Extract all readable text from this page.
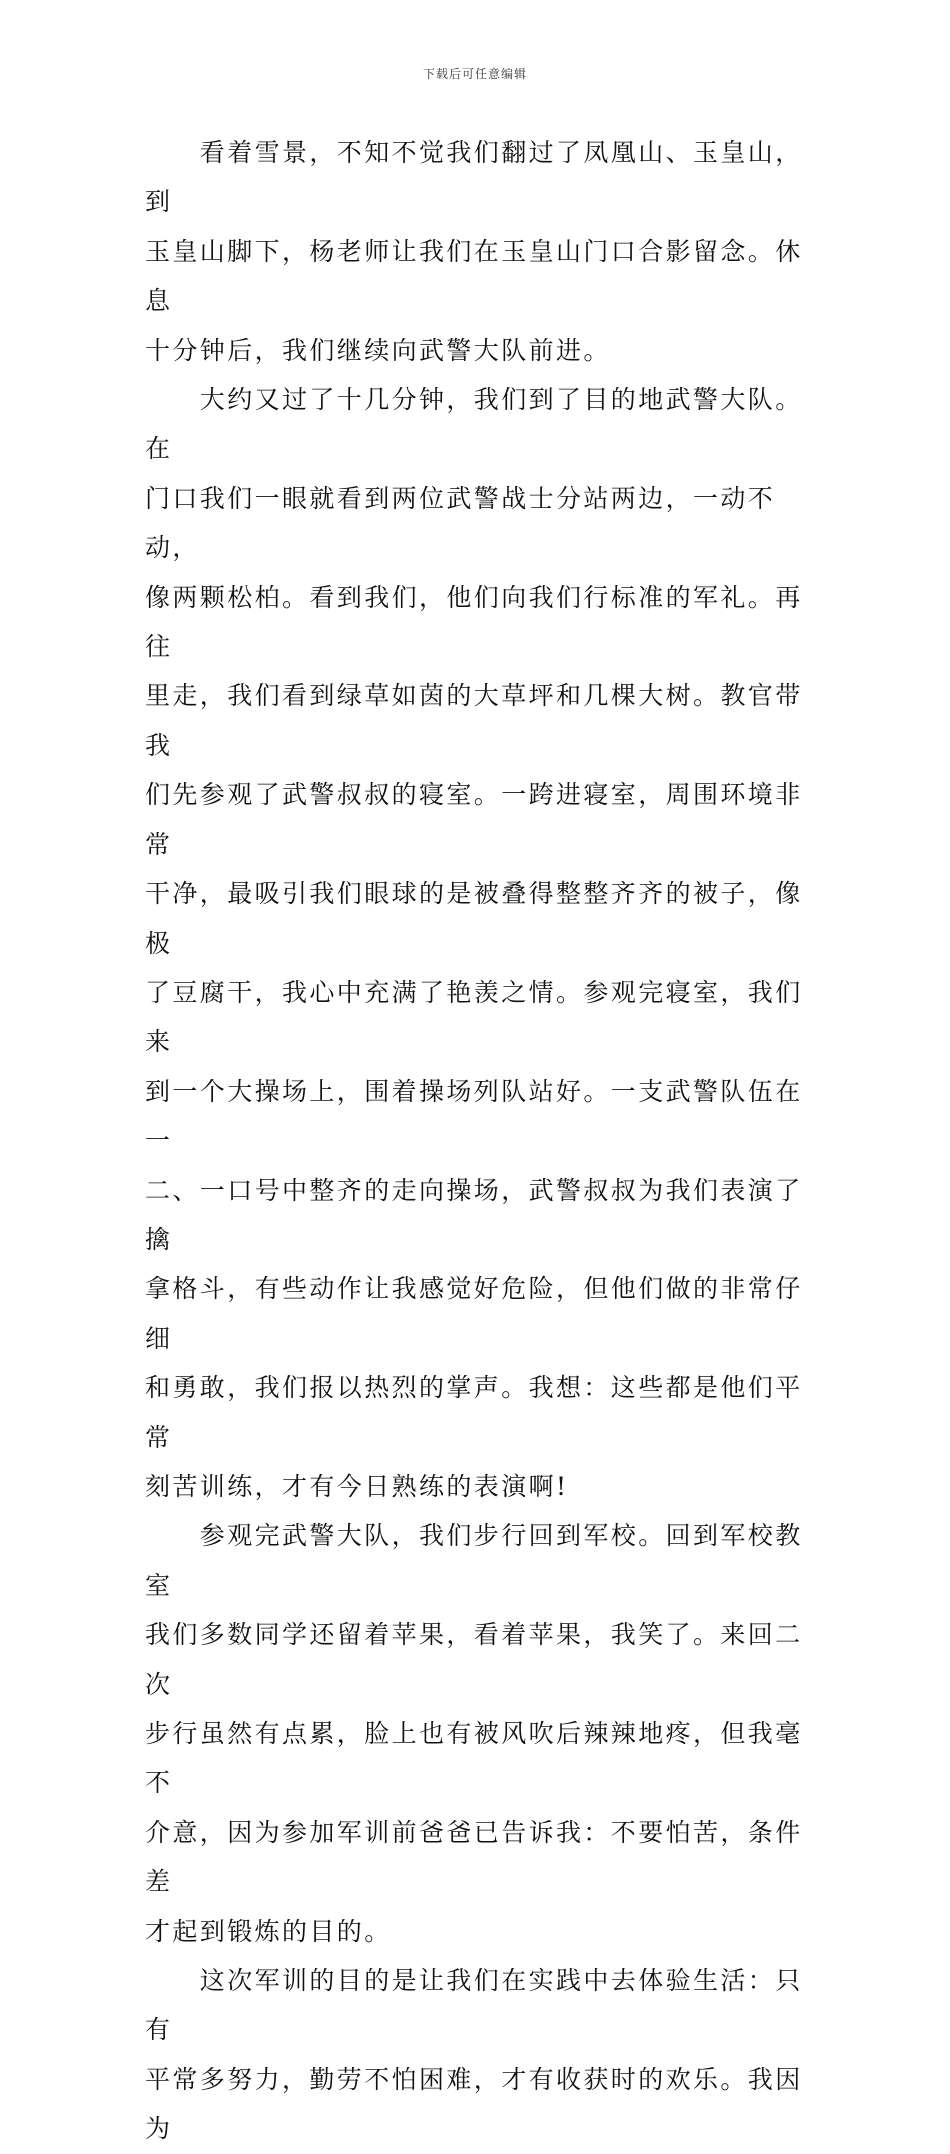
下载后可任意编辑

　　看着雪景，不知不觉我们翻过了凤凰山、玉皇山，到
玉皇山脚下，杨老师让我们在玉皇山门口合影留念。休息
十分钟后，我们继续向武警大队前进。

　　大约又过了十几分钟，我们到了目的地武警大队。在
门口我们一眼就看到两位武警战士分站两边，一动不动，
像两颗松柏。看到我们，他们向我们行标准的军礼。再往
里走，我们看到绿草如茵的大草坪和几棵大树。教官带我
们先参观了武警叔叔的寝室。一跨进寝室，周围环境非常
干净，最吸引我们眼球的是被叠得整整齐齐的被子，像极
了豆腐干，我心中充满了艳羡之情。参观完寝室，我们来
到一个大操场上，围着操场列队站好。一支武警队伍在一
二、一口号中整齐的走向操场，武警叔叔为我们表演了擒
拿格斗，有些动作让我感觉好危险，但他们做的非常仔细
和勇敢，我们报以热烈的掌声。我想：这些都是他们平常
刻苦训练，才有今日熟练的表演啊!

　　参观完武警大队，我们步行回到军校。回到军校教室
我们多数同学还留着苹果，看着苹果，我笑了。来回二次
步行虽然有点累，脸上也有被风吹后辣辣地疼，但我毫不
介意，因为参加军训前爸爸已告诉我：不要怕苦，条件差
才起到锻炼的目的。

　　这次军训的目的是让我们在实践中去体验生活：只有
平常多努力，勤劳不怕困难，才有收获时的欢乐。我因为
